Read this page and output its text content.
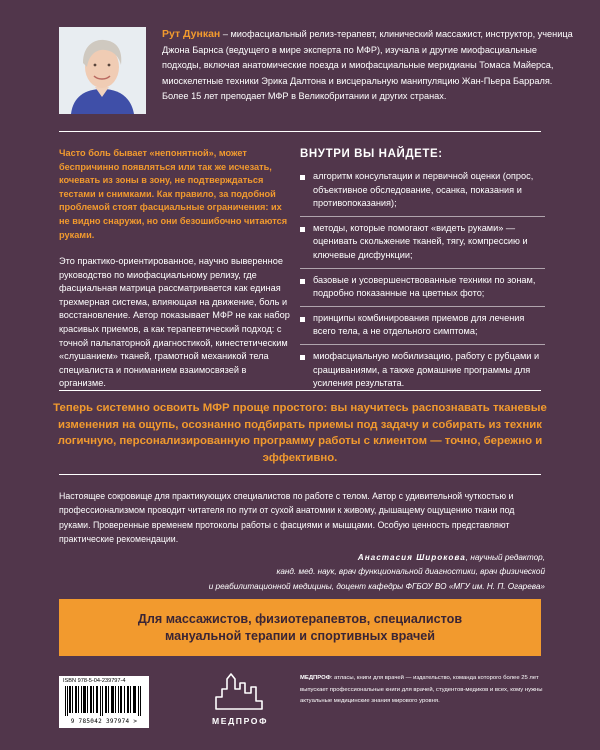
Рут Дункан – миофасциальный релиз-терапевт, клинический массажист, инструктор, ученица Джона Барнса (ведущего в мире эксперта по МФР), изучала и другие миофасциальные подходы, включая анатомические поезда и миофасциальные меридианы Томаса Майерса, миоскелетные техники Эрика Далтона и висцеральную манипуляцию Жан-Пьера Барраля. Более 15 лет преподает МФР в Великобритании и других странах.
Часто боль бывает «непонятной», может беспричинно появляться или так же исчезать, кочевать из зоны в зону, не подтверждаться тестами и снимками. Как правило, за подобной проблемой стоят фасциальные ограничения: их не видно снаружи, но они безошибочно читаются руками.
Это практико-ориентированное, научно выверенное руководство по миофасциальному релизу, где фасциальная матрица рассматривается как единая трехмерная система, влияющая на движение, боль и восстановление. Автор показывает МФР не как набор красивых приемов, а как терапевтический подход: с точной пальпаторной диагностикой, кинестетическим «слушанием» тканей, грамотной механикой тела специалиста и пониманием взаимосвязей в организме.
ВНУТРИ ВЫ НАЙДЕТЕ:
алгоритм консультации и первичной оценки (опрос, объективное обследование, осанка, показания и противопоказания);
методы, которые помогают «видеть руками» — оценивать скольжение тканей, тягу, компрессию и ключевые дисфункции;
базовые и усовершенствованные техники по зонам, подробно показанные на цветных фото;
принципы комбинирования приемов для лечения всего тела, а не отдельного симптома;
миофасциальную мобилизацию, работу с рубцами и сращиваниями, а также домашние программы для усиления результата.
Теперь системно освоить МФР проще простого: вы научитесь распознавать тканевые изменения на ощупь, осознанно подбирать приемы под задачу и собирать из техник логичную, персонализированную программу работы с клиентом — точно, бережно и эффективно.
Настоящее сокровище для практикующих специалистов по работе с телом. Автор с удивительной чуткостью и профессионализмом проводит читателя по пути от сухой анатомии к живому, дышащему ощущению ткани под руками. Проверенные временем протоколы работы с фасциями и мышцами. Особую ценность представляют практические рекомендации.
Анастасия Широкова, научный редактор,
канд. мед. наук, врач функциональной диагностики, врач физической
и реабилитационной медицины, доцент кафедры ФГБОУ ВО «МГУ им. Н. П. Огарева»
Для массажистов, физиотерапевтов, специалистов мануальной терапии и спортивных врачей
ISBN 978-5-04-239797-4
9 785042 397974 >	МЕДПРОФ
МЕДПРОФ: атласы, книги для врачей — издательство, команда которого более 25 лет выпускает профессиональные книги для врачей, студентов-медиков и всех, кому нужны актуальные медицинские знания мирового уровня.
